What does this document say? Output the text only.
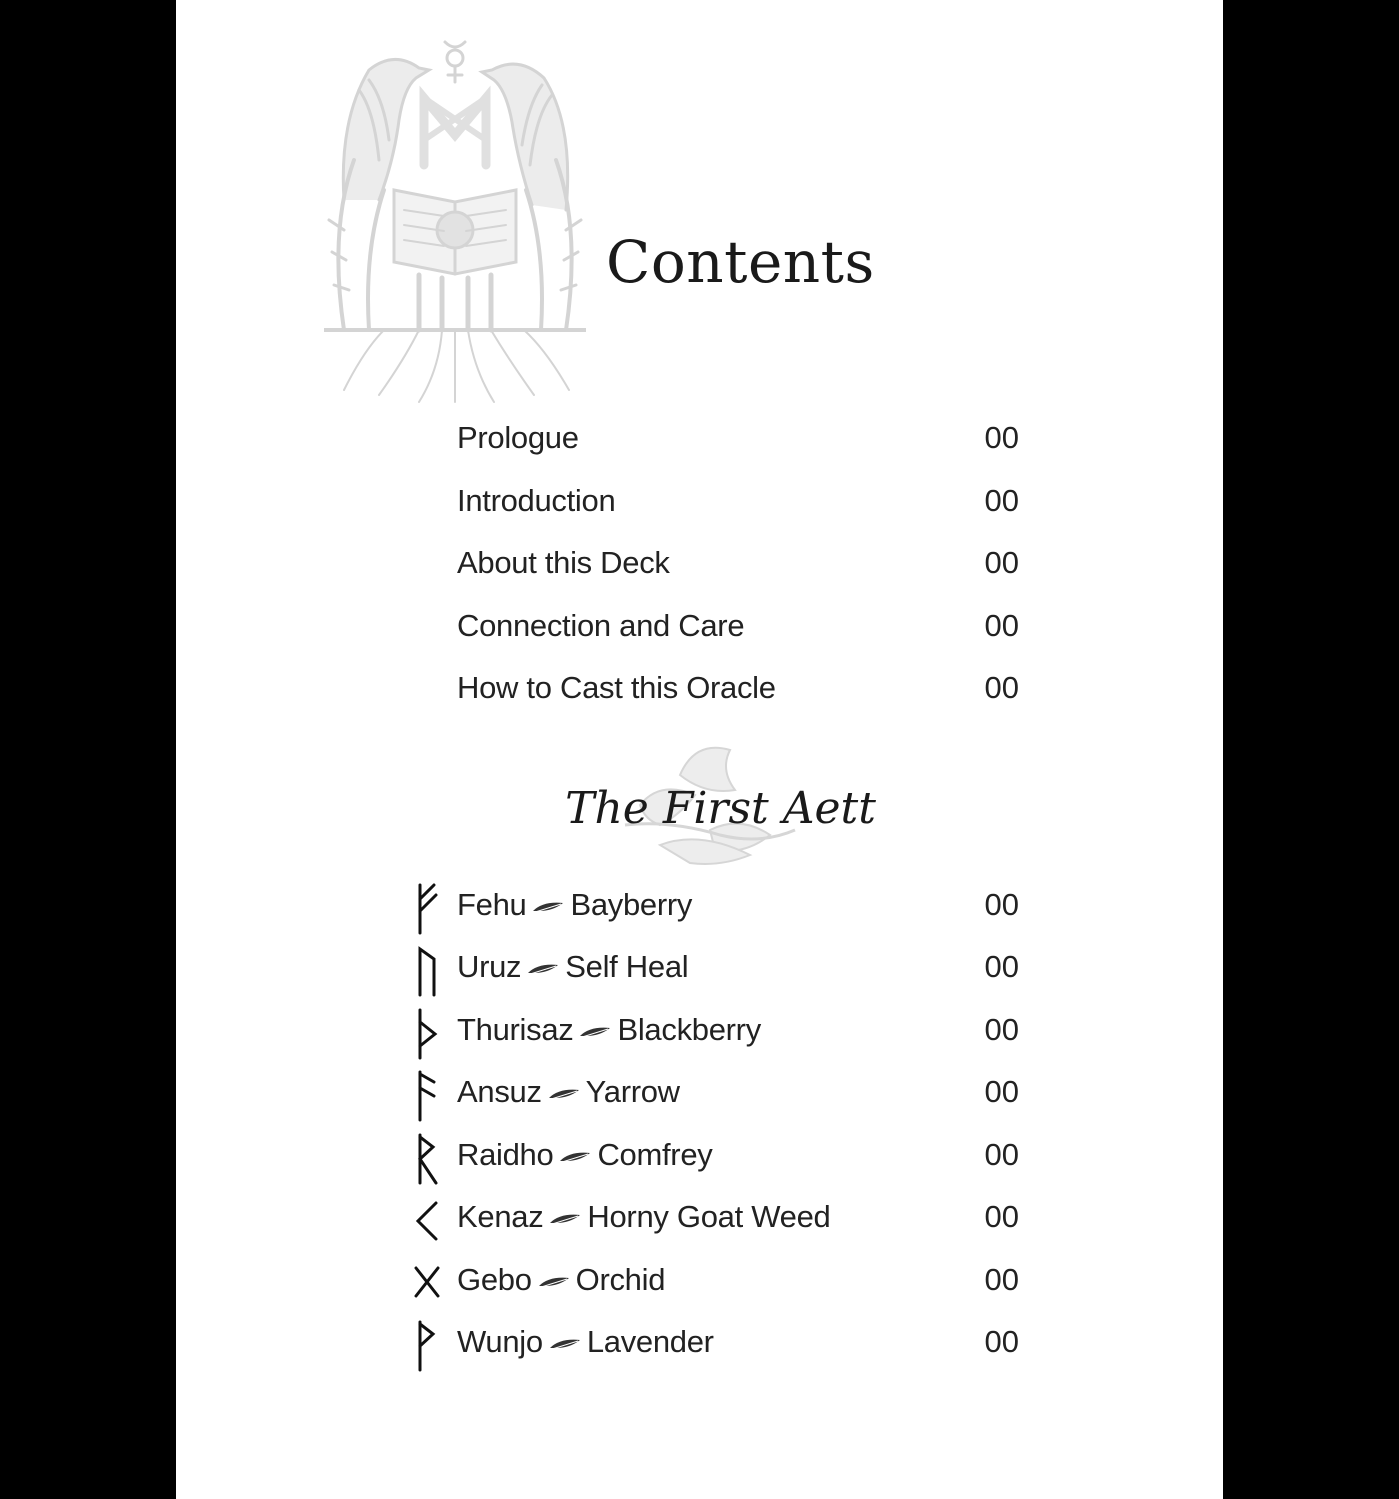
Contents
Prologue	00
Introduction	00
About this Deck	00
Connection and Care	00
How to Cast this Oracle	00
The First Aett
Fehu Bayberry	00
Uruz Self Heal	00
Thurisaz Blackberry	00
Ansuz Yarrow	00
Raidho Comfrey	00
Kenaz Horny Goat Weed	00
Gebo Orchid	00
Wunjo Lavender	00
